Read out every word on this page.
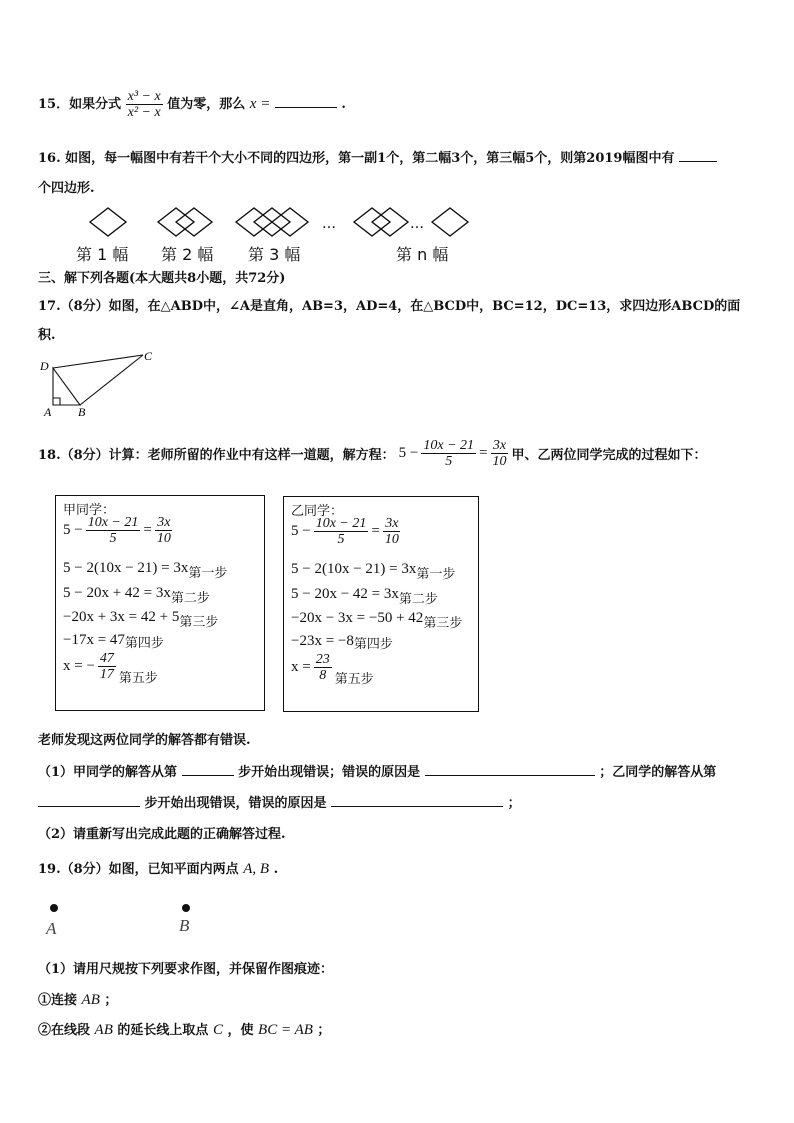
15．如果分式 $\frac{\text{x³ − x}}{\text{x² − x}}$ 值为零，那么 x =	.
16. 如图，每一幅图中有若干个大小不同的四边形，第一副1个，第二幅3个，第三幅5个，则第2019幅图中有
个四边形.
…	…
第 1 幅 第 2 幅 第 3 幅	第 n 幅
三、解下列各题(本大题共8小题，共72分)
17.（8分）如图，在△ABD中，∠A是直角，AB=3，AD=4，在△BCD中，BC=12，DC=13，求四边形ABCD的面
积.
D
C
A B
18.（8分）计算：老师所留的作业中有这样一道题，解方程： $5 - \frac{10x - 21}{5} = \frac{3x}{10}$ 甲、乙两位同学完成的过程如下：
甲同学：
$5 - \frac{10x - 21}{5} = \frac{3x}{10}$
5 − 2(10x − 21) = 3x第一步
5 − 20x + 42 = 3x第二步
−20x + 3x = 42 + 5第三步
−17x = 47第四步
x = − $\frac{47}{17}$ 第五步
乙同学：
$5 - \frac{10x - 21}{5} = \frac{3x}{10}$
5 − 2(10x − 21) = 3x第一步
5 − 20x − 42 = 3x第二步
−20x − 3x = −50 + 42第三步
−23x = −8第四步
$x = \frac{23}{8}$ 第五步
老师发现这两位同学的解答都有错误.
（1）甲同学的解答从第	步开始出现错误；错误的原因是	；乙同学的解答从第
步开始出现错误，错误的原因是	；
（2）请重新写出完成此题的正确解答过程.
19.（8分）如图，已知平面内两点 A, B .
A	B
（1）请用尺规按下列要求作图，并保留作图痕迹：
①连接 AB ；
②在线段 AB 的延长线上取点 C ，使 BC = AB ；
